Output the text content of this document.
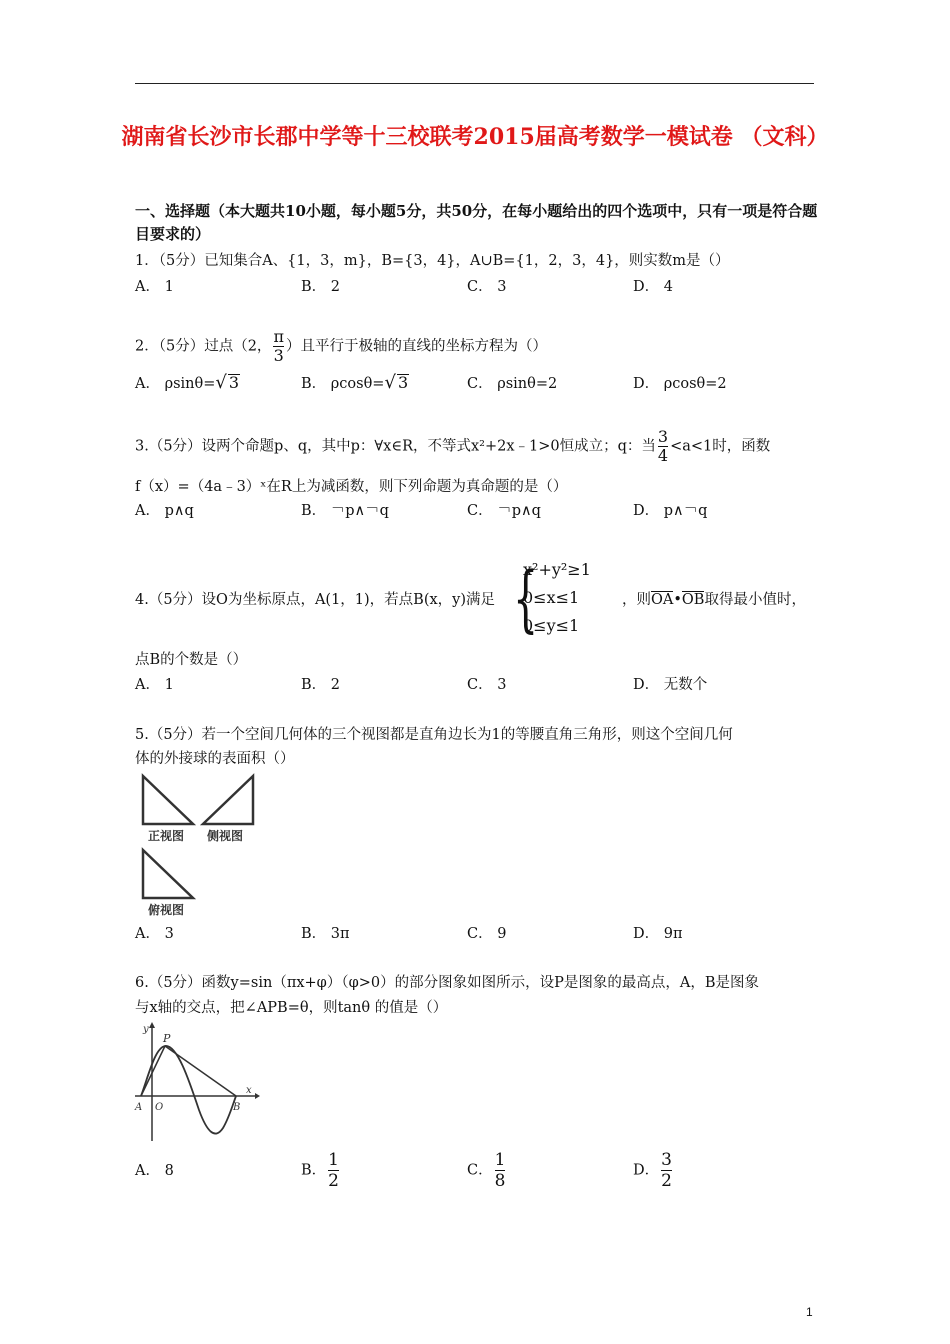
湖南省长沙市长郡中学等十三校联考2015届高考数学一模试卷 （文科）
一、选择题（本大题共10小题，每小题5分，共50分，在每小题给出的四个选项中，只有一项是符合题目要求的）
1．（5分）已知集合A、{1，3，m}，B={3，4}，A∪B={1，2，3，4}，则实数m是（）
A． 1	B． 2	C． 3	D． 4
2．（5分）过点（2， $\frac{\pi}{3}$ ）且平行于极轴的直线的坐标方程为（）
A． ρsinθ=√ 3	B． ρcosθ=√ 3	C． ρsinθ=2	D． ρcosθ=2
3.（5分）设两个命题p、q，其中p：∀x∈R，不等式x²+2x﹣1>0恒成立；q：当 $\frac{3}{4} <a<1$时，函数
f（x）=（4a﹣3）ˣ在R上为减函数，则下列命题为真命题的是（）
A． p∧q	B． ￢p∧￢q	C． ￢p∧q	D． p∧￢q
4.（5分）设O为坐标原点，A(1，1)，若点B(x，y)满足 {
x²+y²≥1
0≤x≤1
0≤y≤1
，则OA•OB取得最小值时，
点B的个数是（）
A． 1	B． 2	C． 3	D． 无数个
5.（5分）若一个空间几何体的三个视图都是直角边长为1的等腰直角三角形，则这个空间几何
体的外接球的表面积（）
正视图 侧视图
俯视图
A． 3	B． 3π	C． 9	D． 9π
6.（5分）函数y=sin（πx+φ）（φ>0）的部分图象如图所示，设P是图象的最高点，A，B是图象
与x轴的交点，把∠APB=θ，则tanθ 的值是（）
y
P
A O	B
x
A． 8	B． $\frac{1}{2}$	C． $\frac{1}{8}$	D． $\frac{3}{2}$
1
